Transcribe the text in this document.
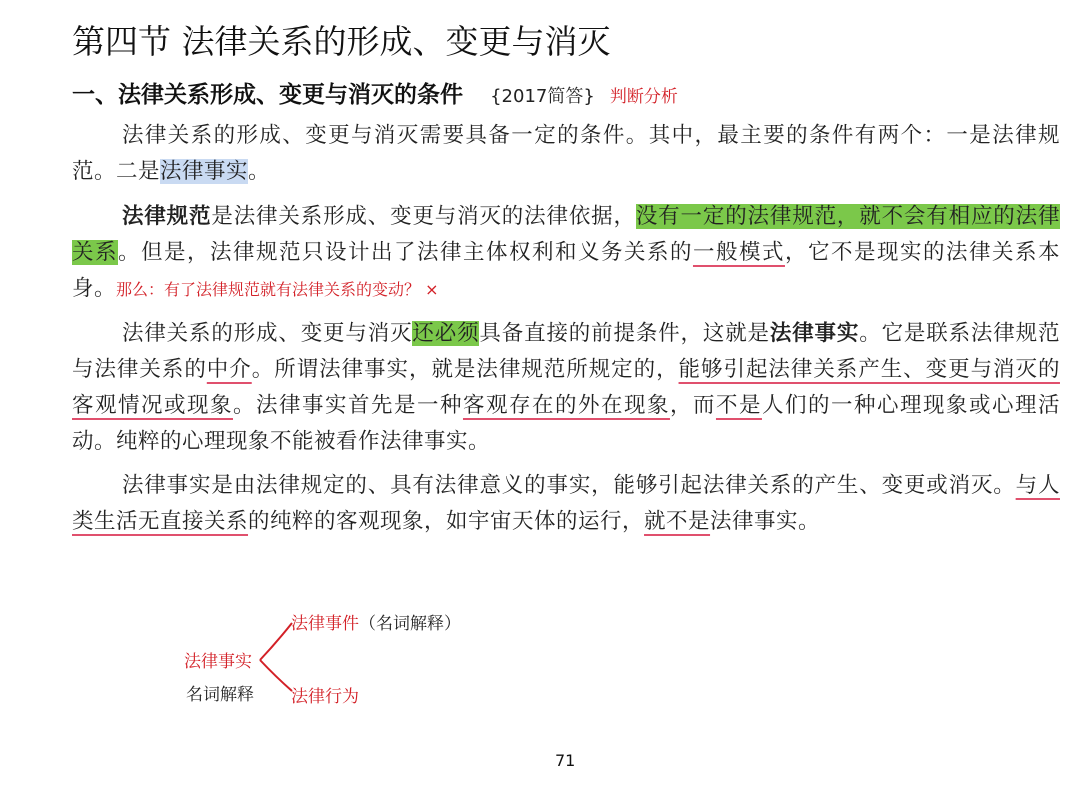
第四节 法律关系的形成、变更与消灭
一、法律关系形成、变更与消灭的条件 {2017简答} 判断分析

法律关系的形成、变更与消灭需要具备一定的条件。其中，最主要的条件有两个：一是法律规范。二是法律事实。

法律规范是法律关系形成、变更与消灭的法律依据，没有一定的法律规范，就不会有相应的法律关系。但是，法律规范只设计出了法律主体权利和义务关系的一般模式，它不是现实的法律关系本身。那么：有了法律规范就有法律关系的变动？ ×

法律关系的形成、变更与消灭还必须具备直接的前提条件，这就是法律事实。它是联系法律规范与法律关系的中介。所谓法律事实，就是法律规范所规定的，能够引起法律关系产生、变更与消灭的客观情况或现象。法律事实首先是一种客观存在的外在现象，而不是人们的一种心理现象或心理活动。纯粹的心理现象不能被看作法律事实。

法律事实是由法律规定的、具有法律意义的事实，能够引起法律关系的产生、变更或消灭。与人类生活无直接关系的纯粹的客观现象，如宇宙天体的运行，就不是法律事实。

法律事实
名词解释
法律事件（名词解释）
法律行为
71
